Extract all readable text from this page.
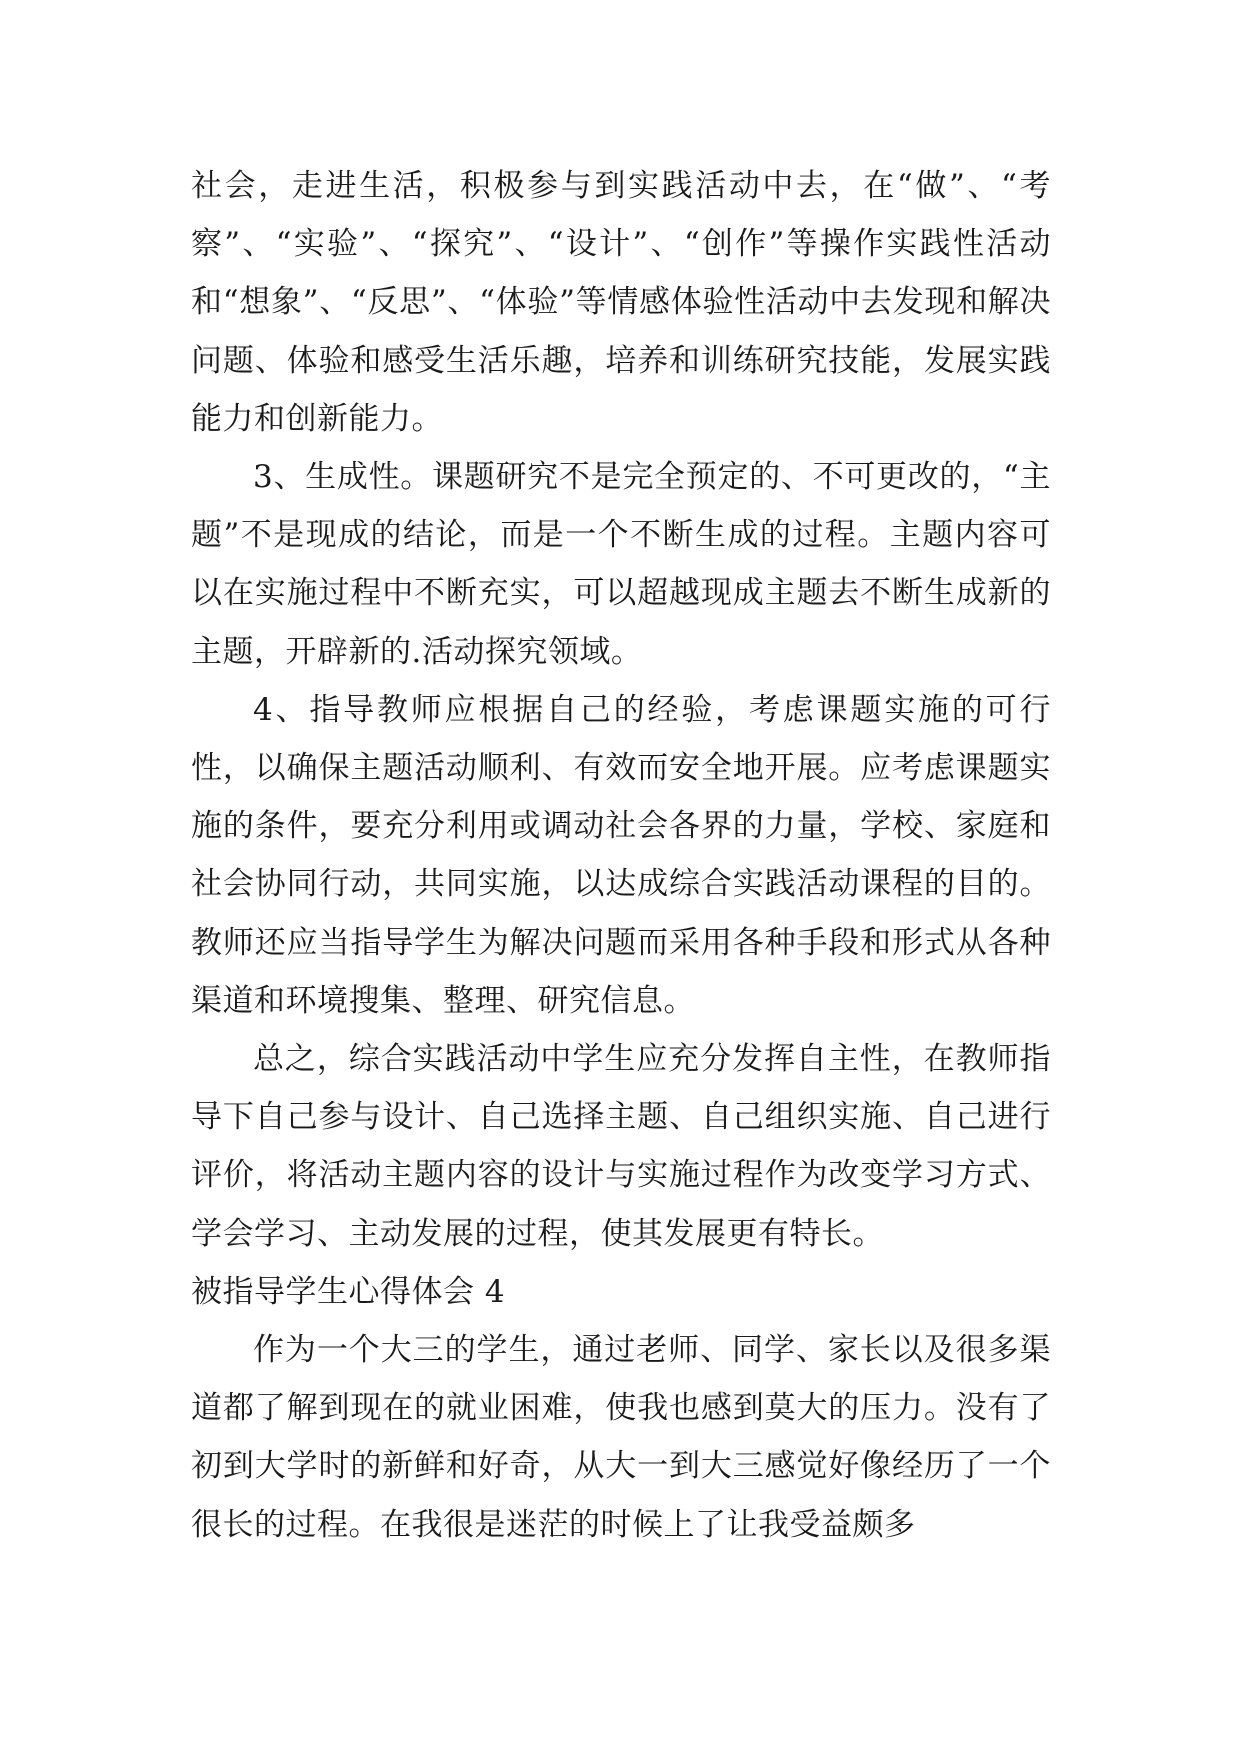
社会，走进生活，积极参与到实践活动中去，在“做”、“考察”、“实验”、“探究”、“设计”、“创作”等操作实践性活动和“想象”、“反思”、“体验”等情感体验性活动中去发现和解决问题、体验和感受生活乐趣，培养和训练研究技能，发展实践能力和创新能力。

3、生成性。课题研究不是完全预定的、不可更改的，“主题”不是现成的结论，而是一个不断生成的过程。主题内容可以在实施过程中不断充实，可以超越现成主题去不断生成新的主题，开辟新的.活动探究领域。

4、指导教师应根据自己的经验，考虑课题实施的可行性，以确保主题活动顺利、有效而安全地开展。应考虑课题实施的条件，要充分利用或调动社会各界的力量，学校、家庭和社会协同行动，共同实施，以达成综合实践活动课程的目的。教师还应当指导学生为解决问题而采用各种手段和形式从各种渠道和环境搜集、整理、研究信息。

总之，综合实践活动中学生应充分发挥自主性，在教师指导下自己参与设计、自己选择主题、自己组织实施、自己进行评价，将活动主题内容的设计与实施过程作为改变学习方式、学会学习、主动发展的过程，使其发展更有特长。

被指导学生心得体会 4

作为一个大三的学生，通过老师、同学、家长以及很多渠道都了解到现在的就业困难，使我也感到莫大的压力。没有了初到大学时的新鲜和好奇，从大一到大三感觉好像经历了一个很长的过程。在我很是迷茫的时候上了让我受益颇多
